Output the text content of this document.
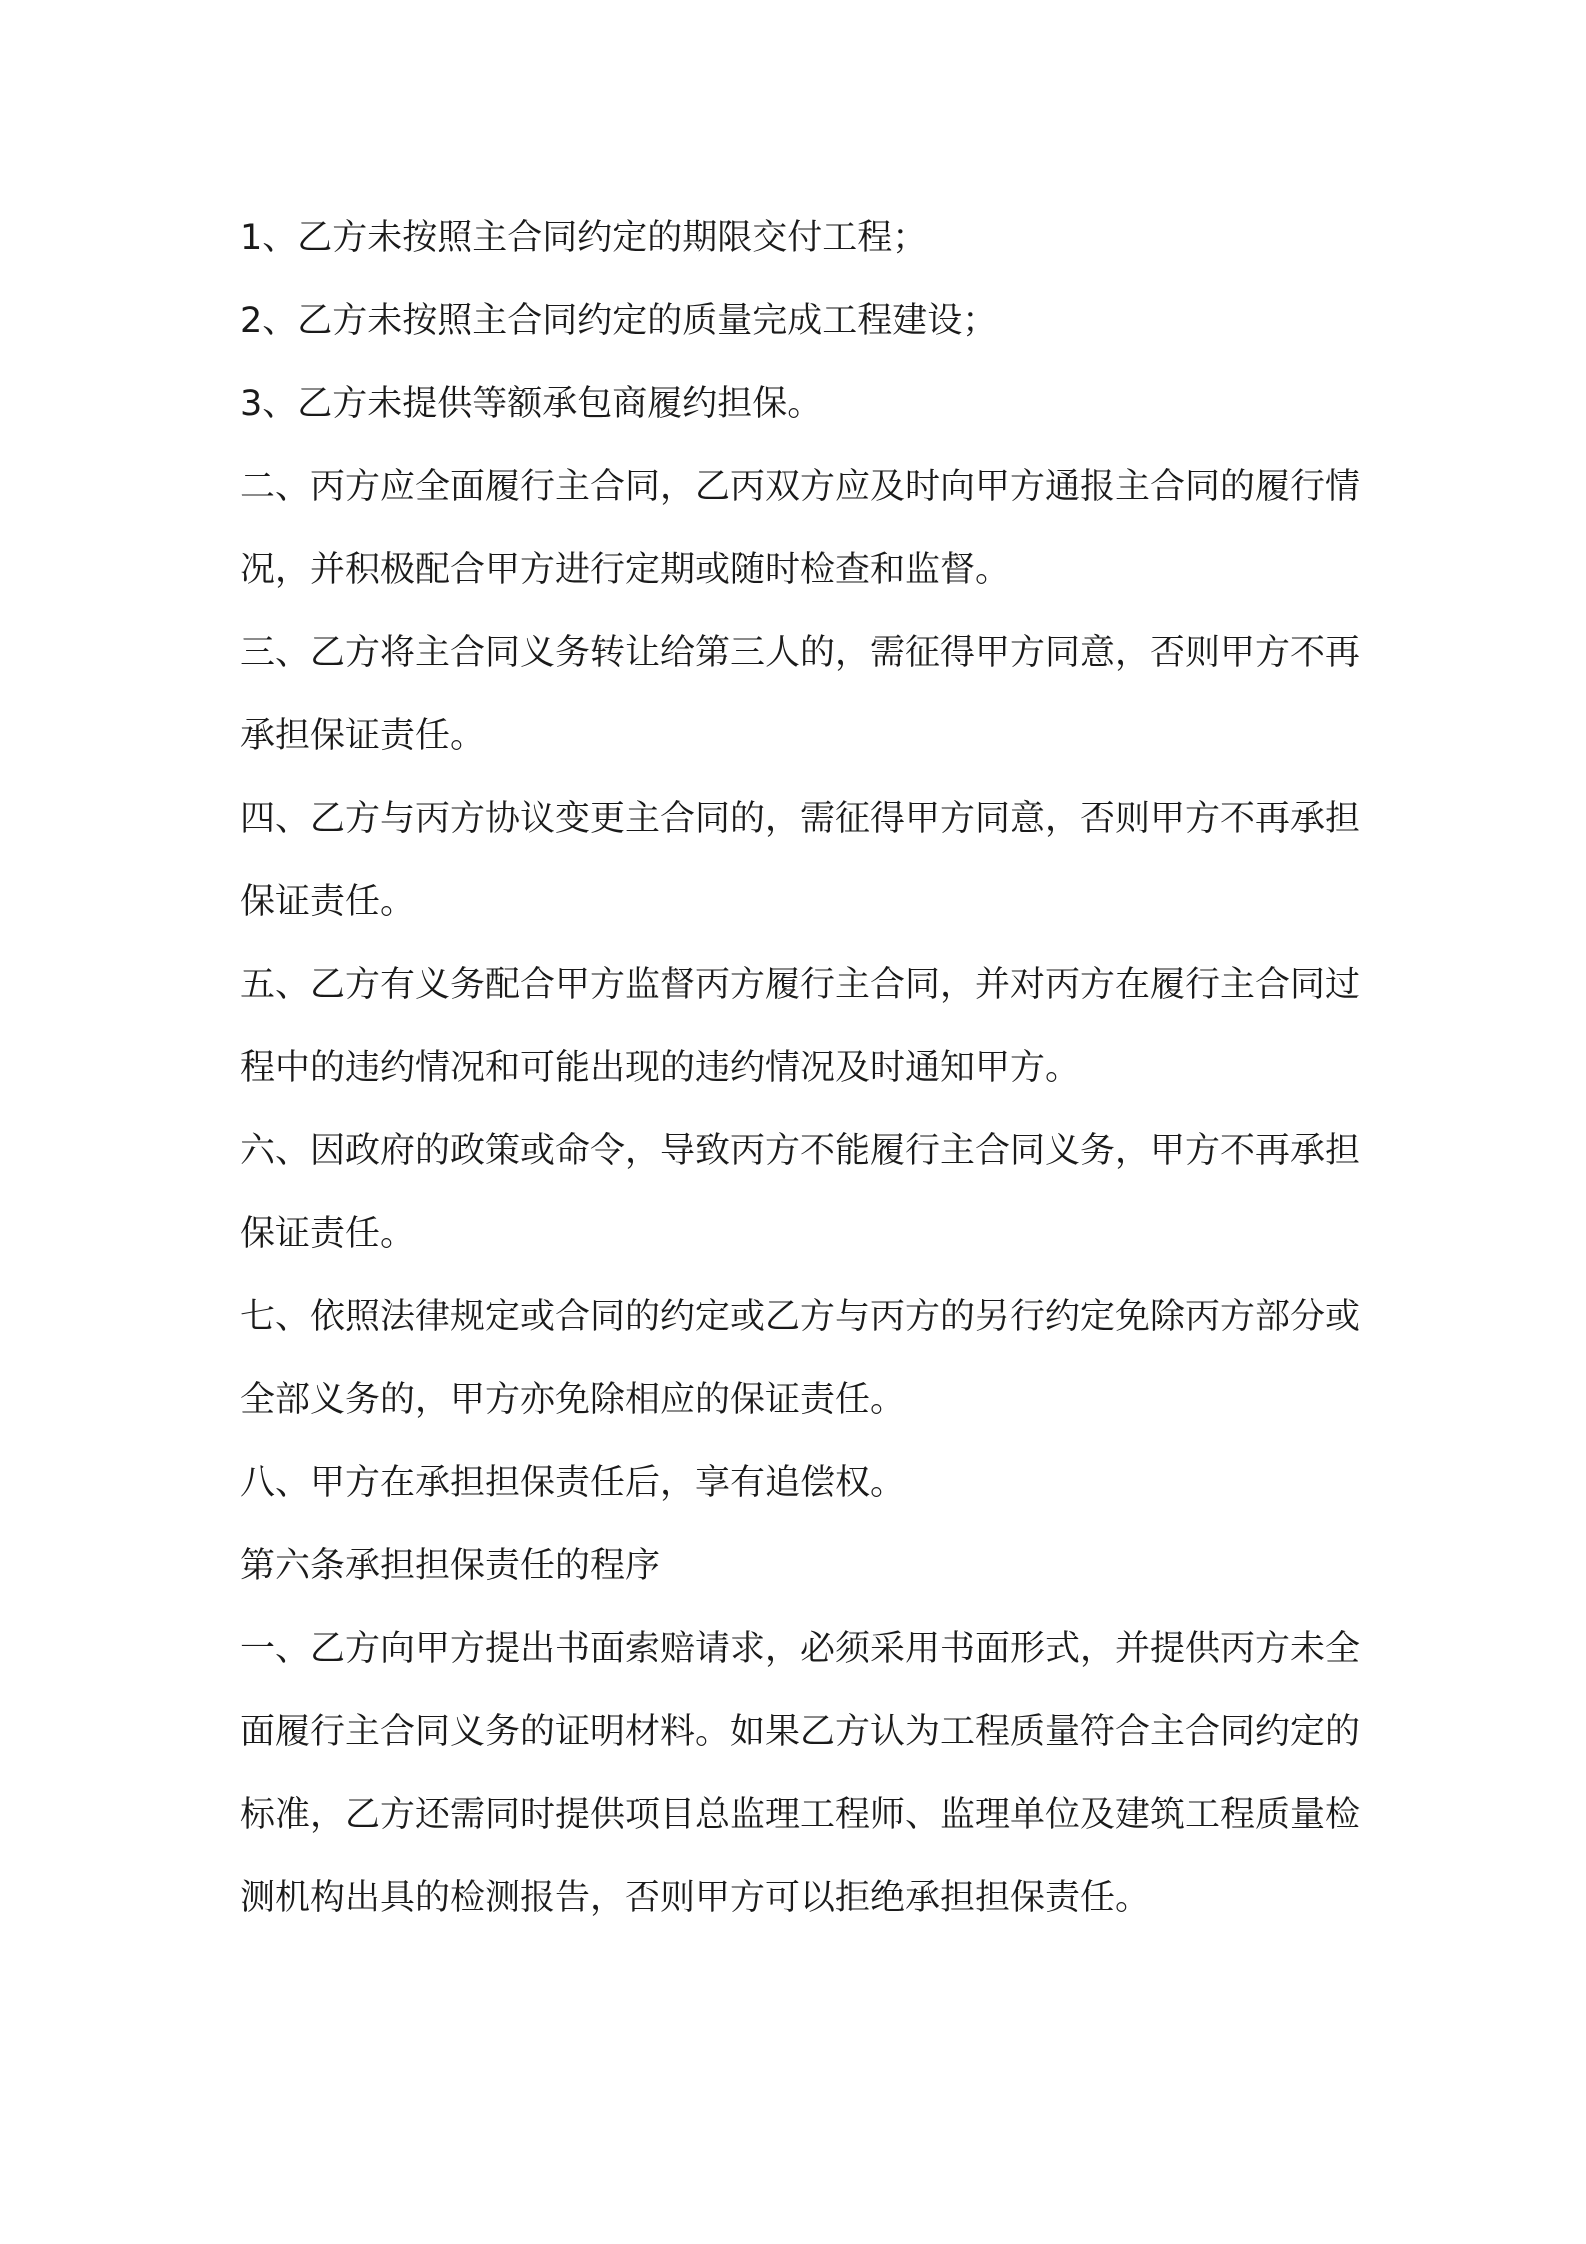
1、乙方未按照主合同约定的期限交付工程；

2、乙方未按照主合同约定的质量完成工程建设；

3、乙方未提供等额承包商履约担保。

二、丙方应全面履行主合同，乙丙双方应及时向甲方通报主合同的履行情况，并积极配合甲方进行定期或随时检查和监督。

三、乙方将主合同义务转让给第三人的，需征得甲方同意，否则甲方不再承担保证责任。

四、乙方与丙方协议变更主合同的，需征得甲方同意，否则甲方不再承担保证责任。

五、乙方有义务配合甲方监督丙方履行主合同，并对丙方在履行主合同过程中的违约情况和可能出现的违约情况及时通知甲方。

六、因政府的政策或命令，导致丙方不能履行主合同义务，甲方不再承担保证责任。

七、依照法律规定或合同的约定或乙方与丙方的另行约定免除丙方部分或全部义务的，甲方亦免除相应的保证责任。

八、甲方在承担担保责任后，享有追偿权。

第六条承担担保责任的程序

一、乙方向甲方提出书面索赔请求，必须采用书面形式，并提供丙方未全面履行主合同义务的证明材料。如果乙方认为工程质量符合主合同约定的标准，乙方还需同时提供项目总监理工程师、监理单位及建筑工程质量检测机构出具的检测报告，否则甲方可以拒绝承担担保责任。
